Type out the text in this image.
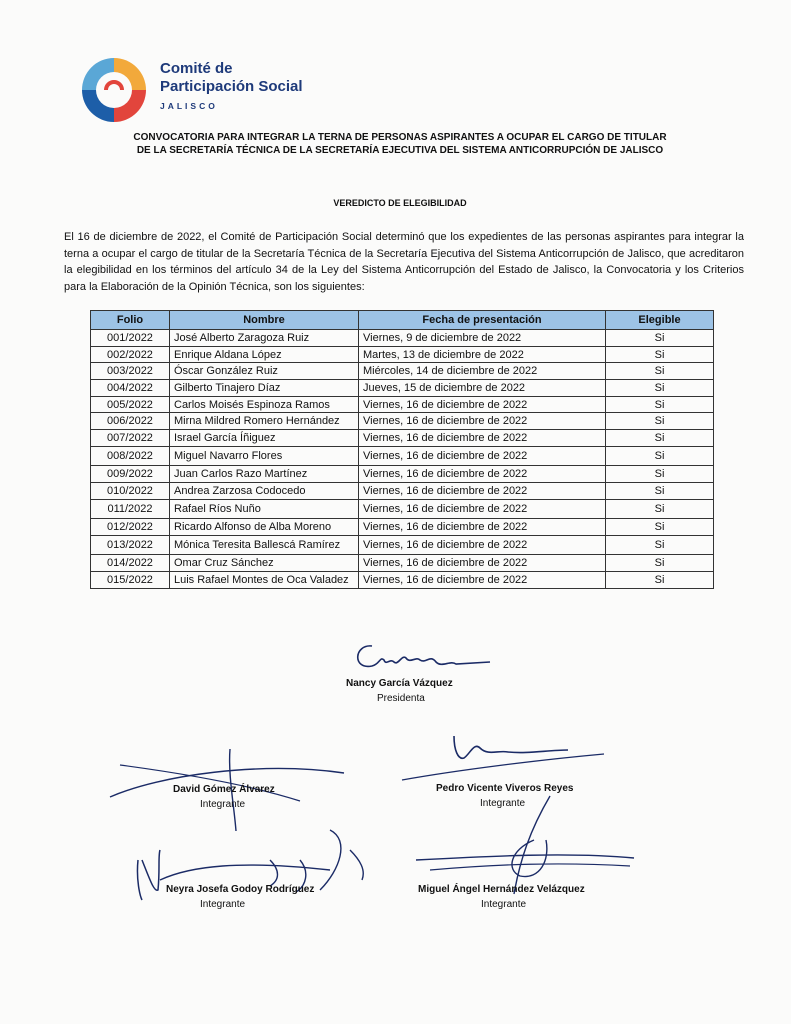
Comité de
Participación Social
JALISCO
CONVOCATORIA PARA INTEGRAR LA TERNA DE PERSONAS ASPIRANTES A OCUPAR EL CARGO DE TITULAR
DE LA SECRETARÍA TÉCNICA DE LA SECRETARÍA EJECUTIVA DEL SISTEMA ANTICORRUPCIÓN DE JALISCO
VEREDICTO DE ELEGIBILIDAD
El 16 de diciembre de 2022, el Comité de Participación Social determinó que los expedientes de las personas aspirantes para integrar la terna a ocupar el cargo de titular de la Secretaría Técnica de la Secretaría Ejecutiva del Sistema Anticorrupción de Jalisco, que acreditaron la elegibilidad en los términos del artículo 34 de la Ley del Sistema Anticorrupción del Estado de Jalisco, la Convocatoria y los Criterios para la Elaboración de la Opinión Técnica, son los siguientes:
Folio	Nombre	Fecha de presentación	Elegible
001/2022	José Alberto Zaragoza Ruiz	Viernes, 9 de diciembre de 2022	Si
002/2022	Enrique Aldana López	Martes, 13 de diciembre de 2022	Si
003/2022	Óscar González Ruiz	Miércoles, 14 de diciembre de 2022	Si
004/2022	Gilberto Tinajero Díaz	Jueves, 15 de diciembre de 2022	Si
005/2022	Carlos Moisés Espinoza Ramos	Viernes, 16 de diciembre de 2022	Si
006/2022	Mirna Mildred Romero Hernández	Viernes, 16 de diciembre de 2022	Si
007/2022	Israel García Íñiguez	Viernes, 16 de diciembre de 2022	Si
008/2022	Miguel Navarro Flores	Viernes, 16 de diciembre de 2022	Si
009/2022	Juan Carlos Razo Martínez	Viernes, 16 de diciembre de 2022	Si
010/2022	Andrea Zarzosa Codocedo	Viernes, 16 de diciembre de 2022	Si
011/2022	Rafael Ríos Nuño	Viernes, 16 de diciembre de 2022	Si
012/2022	Ricardo Alfonso de Alba Moreno	Viernes, 16 de diciembre de 2022	Si
013/2022	Mónica Teresita Ballescá Ramírez	Viernes, 16 de diciembre de 2022	Si
014/2022	Omar Cruz Sánchez	Viernes, 16 de diciembre de 2022	Si
015/2022	Luis Rafael Montes de Oca Valadez	Viernes, 16 de diciembre de 2022	Si
Nancy García Vázquez
Presidenta
David Gómez Álvarez
Integrante
Pedro Vicente Viveros Reyes
Integrante
Neyra Josefa Godoy Rodríguez
Integrante
Miguel Ángel Hernández Velázquez
Integrante
